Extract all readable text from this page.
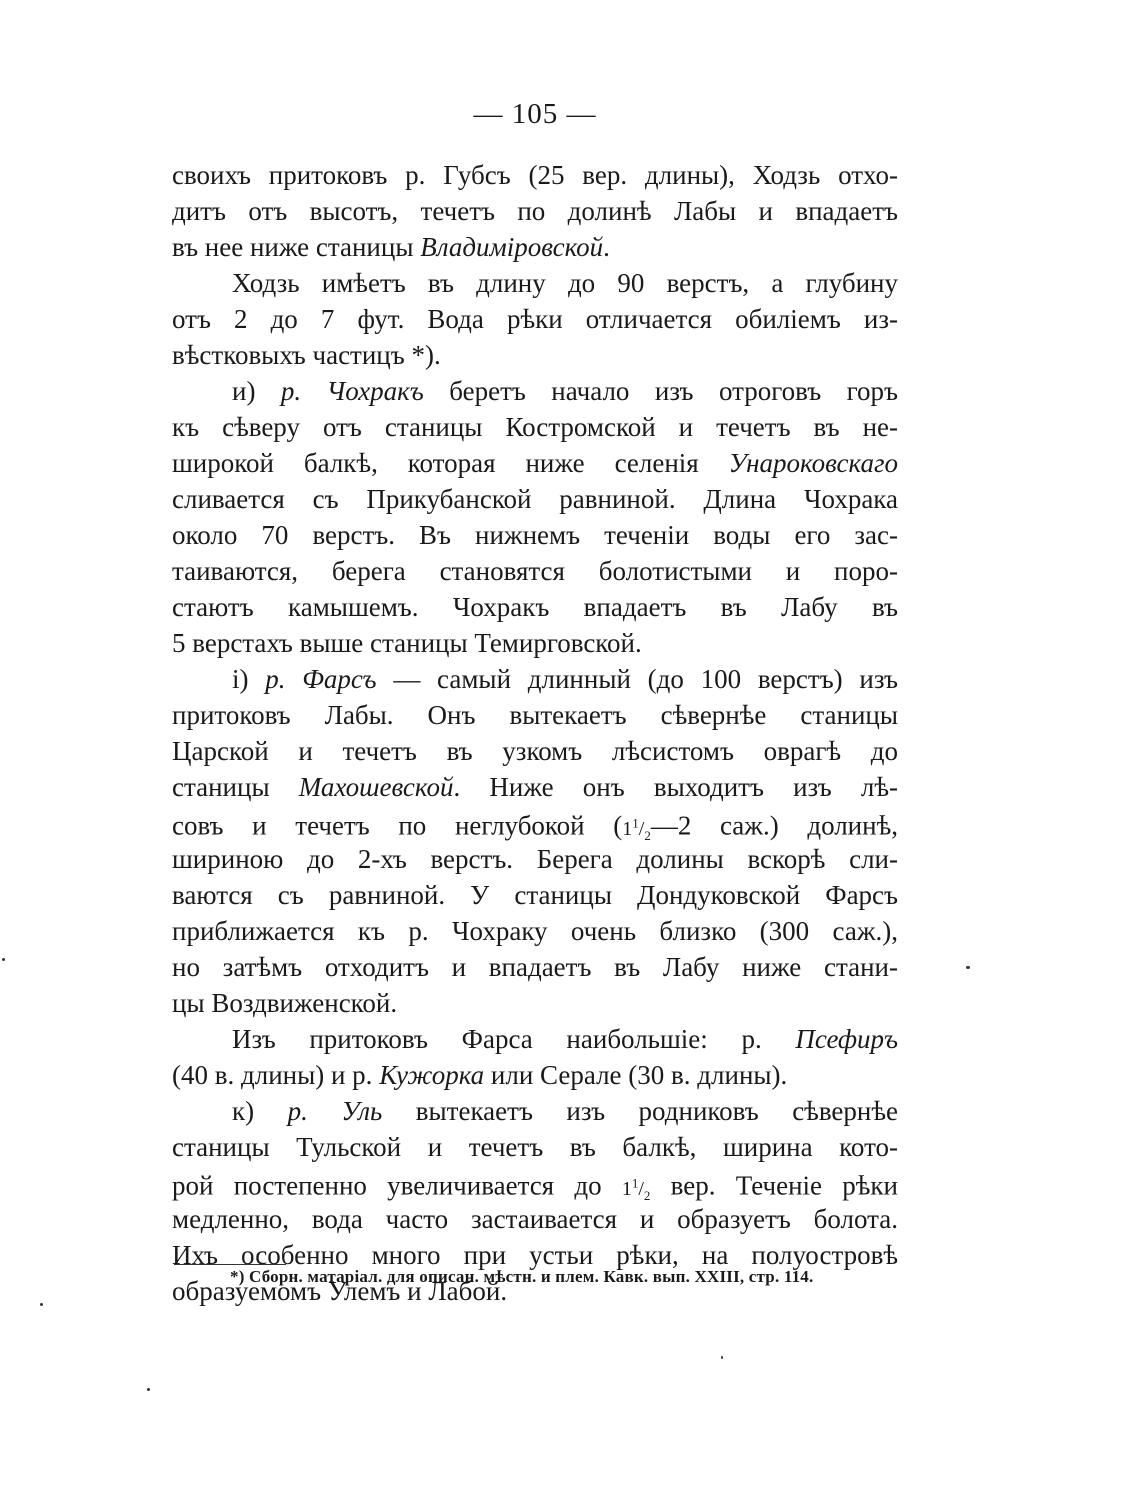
— 105 —
своихъ притоковъ р. Губсъ (25 вер. длины), Ходзь отхо-
дитъ отъ высотъ, течетъ по долинѣ Лабы и впадаетъ
въ нее ниже станицы Владиміровской.
Ходзь имѣетъ въ длину до 90 верстъ, а глубину
отъ 2 до 7 фут. Вода рѣки отличается обиліемъ из-
вѣстковыхъ частицъ *).
и) р. Чохракъ беретъ начало изъ отроговъ горъ
къ сѣверу отъ станицы Костромской и течетъ въ не-
широкой балкѣ, которая ниже селенія Унароковскаго
сливается съ Прикубанской равниной. Длина Чохрака
около 70 верстъ. Въ нижнемъ теченіи воды его зас-
таиваются, берега становятся болотистыми и поро-
стаютъ камышемъ. Чохракъ впадаетъ въ Лабу въ
5 верстахъ выше станицы Темирговской.
і) р. Фарсъ — самый длинный (до 100 верстъ) изъ
притоковъ Лабы. Онъ вытекаетъ сѣвернѣе станицы
Царской и течетъ въ узкомъ лѣсистомъ оврагѣ до
станицы Махошевской. Ниже онъ выходитъ изъ лѣ-
совъ и течетъ по неглубокой ($1^1/_2—2$ саж.) долинѣ,
шириною до 2-хъ верстъ. Берега долины вскорѣ сли-
ваются съ равниной. У станицы Дондуковской Фарсъ
приближается къ р. Чохраку очень близко (300 саж.),
но затѣмъ отходитъ и впадаетъ въ Лабу ниже стани-
цы Воздвиженской.
Изъ притоковъ Фарса наибольшіе: р. Псефиръ
(40 в. длины) и р. Кужорка или Серале (30 в. длины).
к) р. Уль вытекаетъ изъ родниковъ сѣвернѣе
станицы Тульской и течетъ въ балкѣ, ширина кото-
рой постепенно увеличивается до $1^1/_2$ вер. Теченіе рѣки
медленно, вода часто застаивается и образуетъ болота.
Ихъ особенно много при устьи рѣки, на полуостровѣ
образуемомъ Улемъ и Лабой.
*) Сборн. матаріал. для описан. мѣстн. и плем. Кавк. вып. XXIII, стр. 114.
